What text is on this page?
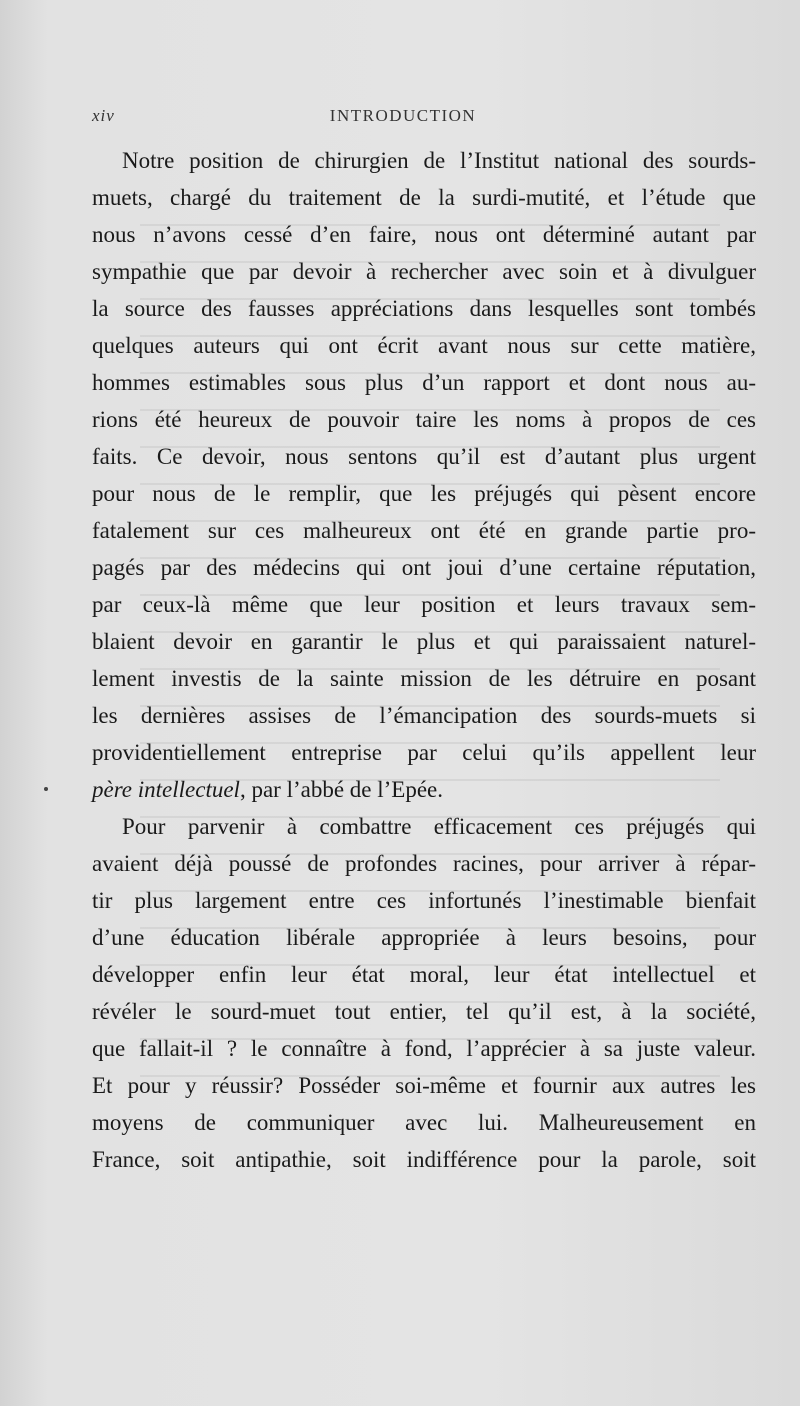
xiv	INTRODUCTION
Notre position de chirurgien de l’Institut national des sourds-
muets, chargé du traitement de la surdi-mutité, et l’étude que
nous n’avons cessé d’en faire, nous ont déterminé autant par
sympathie que par devoir à rechercher avec soin et à divulguer
la source des fausses appréciations dans lesquelles sont tombés
quelques auteurs qui ont écrit avant nous sur cette matière,
hommes estimables sous plus d’un rapport et dont nous au-
rions été heureux de pouvoir taire les noms à propos de ces
faits. Ce devoir, nous sentons qu’il est d’autant plus urgent
pour nous de le remplir, que les préjugés qui pèsent encore
fatalement sur ces malheureux ont été en grande partie pro-
pagés par des médecins qui ont joui d’une certaine réputation,
par ceux-là même que leur position et leurs travaux sem-
blaient devoir en garantir le plus et qui paraissaient naturel-
lement investis de la sainte mission de les détruire en posant
les dernières assises de l’émancipation des sourds-muets si
providentiellement entreprise par celui qu’ils appellent leur
père intellectuel, par l’abbé de l’Epée.
Pour parvenir à combattre efficacement ces préjugés qui
avaient déjà poussé de profondes racines, pour arriver à répar-
tir plus largement entre ces infortunés l’inestimable bienfait
d’une éducation libérale appropriée à leurs besoins, pour
développer enfin leur état moral, leur état intellectuel et
révéler le sourd-muet tout entier, tel qu’il est, à la société,
que fallait-il ? le connaître à fond, l’apprécier à sa juste valeur.
Et pour y réussir? Posséder soi-même et fournir aux autres les
moyens de communiquer avec lui. Malheureusement en
France, soit antipathie, soit indifférence pour la parole, soit
